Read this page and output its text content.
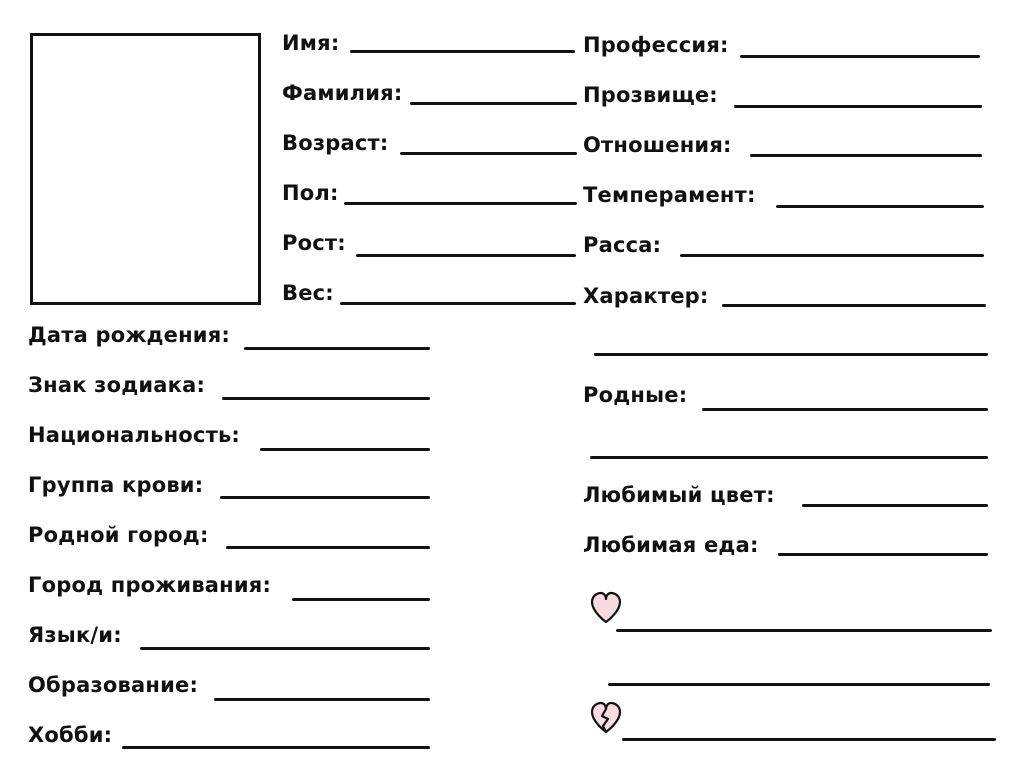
Имя:
Фамилия:
Возраст:
Пол:
Рост:
Вес:
Профессия:
Прозвище:
Отношения:
Темперамент:
Расса:
Характер:
Родные:
Любимый цвет:
Любимая еда:
Дата рождения:
Знак зодиака:
Национальность:
Группа крови:
Родной город:
Город проживания:
Язык/и:
Образование:
Хобби:
